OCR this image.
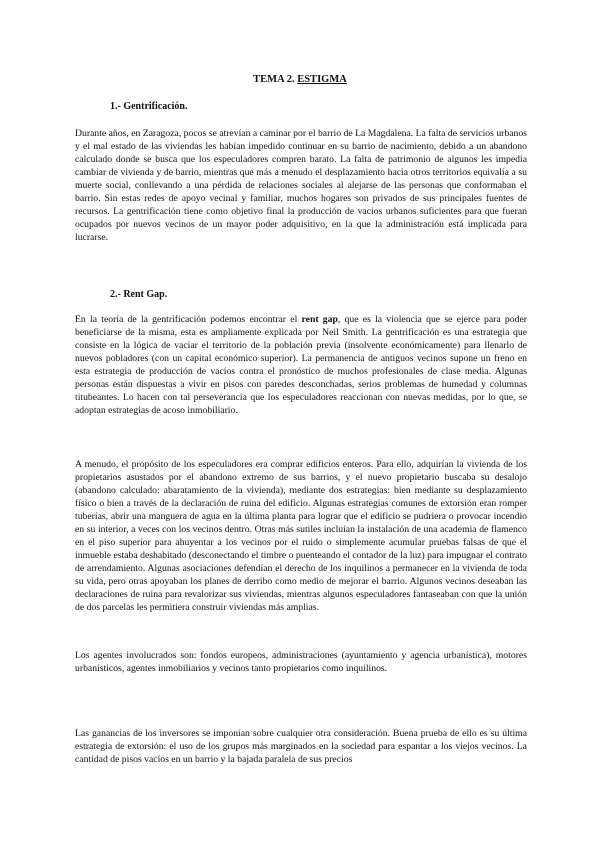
TEMA 2. ESTIGMA
1.- Gentrificación.

Durante años, en Zaragoza, pocos se atrevían a caminar por el barrio de La Magdalena. La falta de servicios urbanos y el mal estado de las viviendas les habían impedido continuar en su barrio de nacimiento, debido a un abandono calculado donde se busca que los especuladores compren barato. La falta de patrimonio de algunos les impedía cambiar de vivienda y de barrio, mientras que más a menudo el desplazamiento hacia otros territorios equivalía a su muerte social, conllevando a una pérdida de relaciones sociales al alejarse de las personas que conformaban el barrio. Sin estas redes de apoyo vecinal y familiar, muchos hogares son privados de sus principales fuentes de recursos. La gentrificación tiene como objetivo final la producción de vacíos urbanos suficientes para que fueran ocupados por nuevos vecinos de un mayor poder adquisitivo, en la que la administración está implicada para lucrarse.

2.- Rent Gap.

En la teoría de la gentrificación podemos encontrar el rent gap, que es la violencia que se ejerce para poder beneficiarse de la misma, esta es ampliamente explicada por Neil Smith. La gentrificación es una estrategia que consiste en la lógica de vaciar el territorio de la población previa (insolvente económicamente) para llenarlo de nuevos pobladores (con un capital económico superior). La permanencia de antiguos vecinos supone un freno en esta estrategia de producción de vacíos contra el pronóstico de muchos profesionales de clase media. Algunas personas están dispuestas a vivir en pisos con paredes desconchadas, serios problemas de humedad y columnas titubeantes. Lo hacen con tal perseverancia que los especuladores reaccionan con nuevas medidas, por lo que, se adoptan estrategias de acoso inmobiliario.

A menudo, el propósito de los especuladores era comprar edificios enteros. Para ello, adquirían la vivienda de los propietarios asustados por el abandono extremo de sus barrios, y el nuevo propietario buscaba su desalojo (abandono calculado: abaratamiento de la vivienda), mediante dos estrategias: bien mediante su desplazamiento físico o bien a través de la declaración de ruina del edificio. Algunas estrategias comunes de extorsión eran romper tuberías, abrir una manguera de agua en la última planta para lograr que el edificio se pudriera o provocar incendio en su interior, a veces con los vecinos dentro. Otras más sutiles incluían la instalación de una academia de flamenco en el piso superior para ahuyentar a los vecinos por el ruido o simplemente acumular pruebas falsas de que el inmueble estaba deshabitado (desconectando el timbre o puenteando el contador de la luz) para impugnar el contrato de arrendamiento. Algunas asociaciones defendían el derecho de los inquilinos a permanecer en la vivienda de toda su vida, pero otras apoyaban los planes de derribo como medio de mejorar el barrio. Algunos vecinos deseaban las declaraciones de ruina para revalorizar sus viviendas, mientras algunos especuladores fantaseaban con que la unión de dos parcelas les permitiera construir viviendas más amplias.

Los agentes involucrados son: fondos europeos, administraciones (ayuntamiento y agencia urbanística), motores urbanísticos, agentes inmobiliarios y vecinos tanto propietarios como inquilinos.

Las ganancias de los inversores se imponían sobre cualquier otra consideración. Buena prueba de ello es su última estrategia de extorsión: el uso de los grupos más marginados en la sociedad para espantar a los viejos vecinos. La cantidad de pisos vacíos en un barrio y la bajada paralela de sus precios
